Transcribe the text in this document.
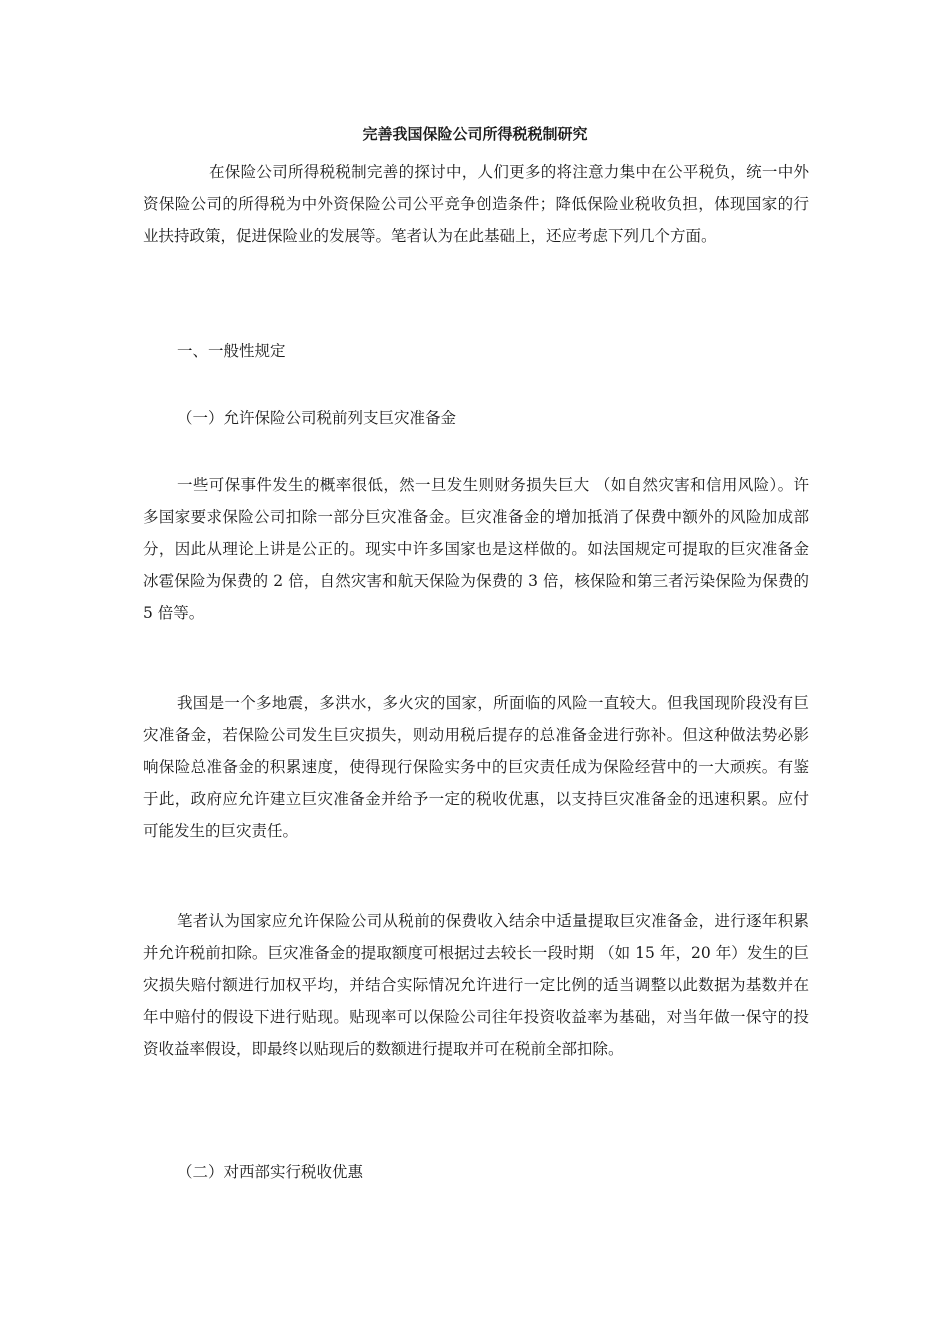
完善我国保险公司所得税税制研究

在保险公司所得税税制完善的探讨中，人们更多的将注意力集中在公平税负，统一中外资保险公司的所得税为中外资保险公司公平竞争创造条件；降低保险业税收负担，体现国家的行业扶持政策，促进保险业的发展等。笔者认为在此基础上，还应考虑下列几个方面。

一、一般性规定

（一）允许保险公司税前列支巨灾准备金

一些可保事件发生的概率很低，然一旦发生则财务损失巨大 （如自然灾害和信用风险）。许多国家要求保险公司扣除一部分巨灾准备金。巨灾准备金的增加抵消了保费中额外的风险加成部分，因此从理论上讲是公正的。现实中许多国家也是这样做的。如法国规定可提取的巨灾准备金冰雹保险为保费的 2 倍，自然灾害和航天保险为保费的 3 倍，核保险和第三者污染保险为保费的 5 倍等。

我国是一个多地震，多洪水，多火灾的国家，所面临的风险一直较大。但我国现阶段没有巨灾准备金，若保险公司发生巨灾损失，则动用税后提存的总准备金进行弥补。但这种做法势必影响保险总准备金的积累速度，使得现行保险实务中的巨灾责任成为保险经营中的一大顽疾。有鉴于此，政府应允许建立巨灾准备金并给予一定的税收优惠，以支持巨灾准备金的迅速积累。应付可能发生的巨灾责任。

笔者认为国家应允许保险公司从税前的保费收入结余中适量提取巨灾准备金，进行逐年积累并允许税前扣除。巨灾准备金的提取额度可根据过去较长一段时期 （如 15 年，20 年）发生的巨灾损失赔付额进行加权平均，并结合实际情况允许进行一定比例的适当调整以此数据为基数并在年中赔付的假设下进行贴现。贴现率可以保险公司往年投资收益率为基础，对当年做一保守的投资收益率假设，即最终以贴现后的数额进行提取并可在税前全部扣除。

（二）对西部实行税收优惠
